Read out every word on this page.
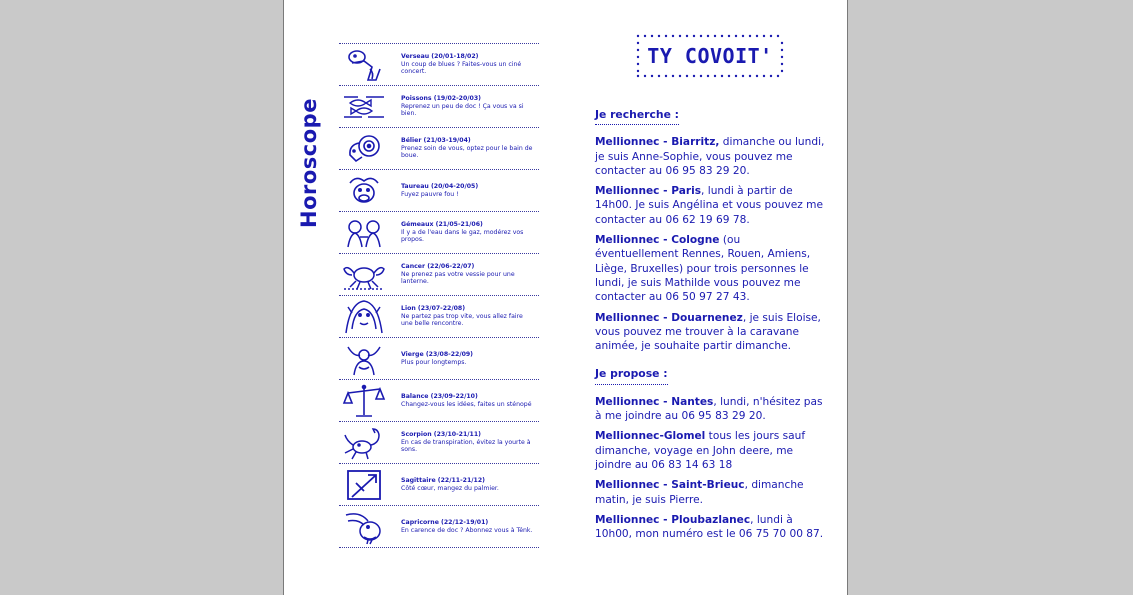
Horoscope
Verseau (20/01-18/02)
Un coup de blues ? Faites-vous un ciné concert.
Poissons (19/02-20/03)
Reprenez un peu de doc ! Ça vous va si bien.
Bélier (21/03-19/04)
Prenez soin de vous, optez pour le bain de boue.
Taureau (20/04-20/05)
Fuyez pauvre fou !
Gémeaux (21/05-21/06)
Il y a de l'eau dans le gaz, modérez vos propos.
Cancer (22/06-22/07)
Ne prenez pas votre vessie pour une lanterne.
Lion (23/07-22/08)
Ne partez pas trop vite, vous allez faire une belle rencontre.
Vierge (23/08-22/09)
Plus pour longtemps.
Balance (23/09-22/10)
Changez-vous les idées, faites un sténopé
Scorpion (23/10-21/11)
En cas de transpiration, évitez la yourte à sons.
Sagittaire (22/11-21/12)
Côté cœur, mangez du palmier.
Capricorne (22/12-19/01)
En carence de doc ? Abonnez vous à Ténk.
TY COVOIT'
Je recherche :

Mellionnec - Biarritz, dimanche ou lundi, je suis Anne-Sophie, vous pouvez me contacter au 06 95 83 29 20.

Mellionnec - Paris, lundi à partir de 14h00. Je suis Angélina et vous pouvez me contacter au 06 62 19 69 78.

Mellionnec - Cologne (ou éventuellement Rennes, Rouen, Amiens, Liège, Bruxelles) pour trois personnes le lundi, je suis Mathilde vous pouvez me contacter au 06 50 97 27 43.

Mellionnec - Douarnenez, je suis Eloise, vous pouvez me trouver à la caravane animée, je souhaite partir dimanche.

Je propose :

Mellionnec - Nantes, lundi, n'hésitez pas à me joindre au 06 95 83 29 20.

Mellionnec-Glomel tous les jours sauf dimanche, voyage en John deere, me joindre au 06 83 14 63 18

Mellionnec - Saint-Brieuc, dimanche matin, je suis Pierre.

Mellionnec - Ploubazlanec, lundi à 10h00, mon numéro est le 06 75 70 00 87.
